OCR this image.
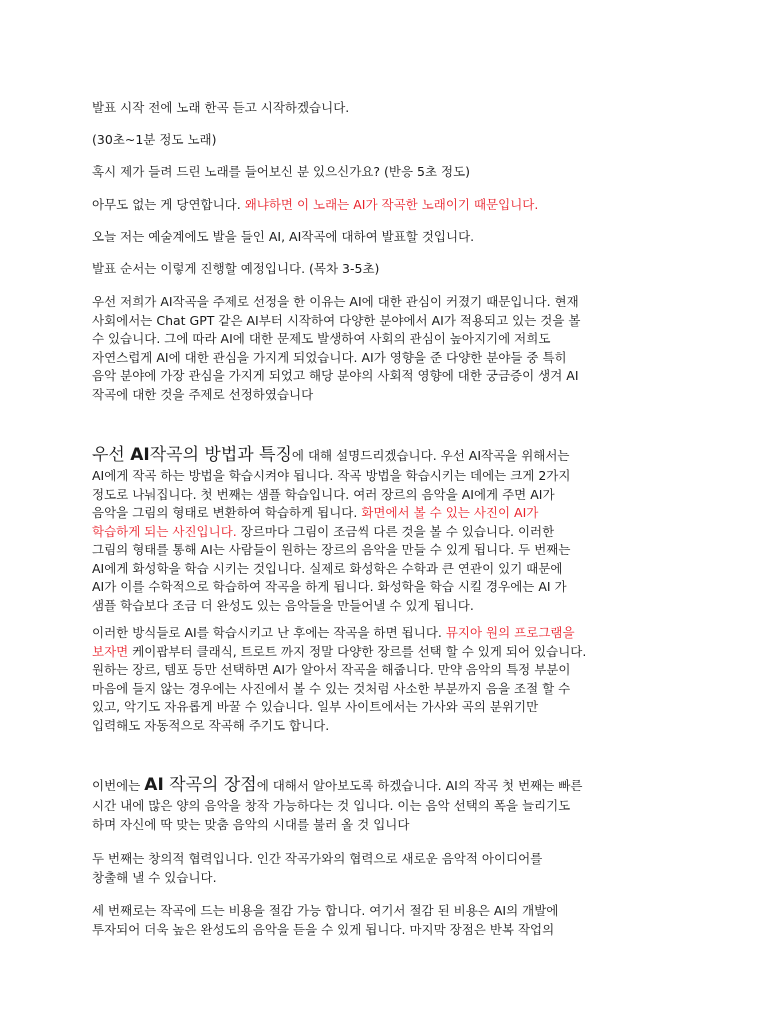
발표 시작 전에 노래 한곡 듣고 시작하겠습니다.

(30초~1분 정도 노래)

혹시 제가 들려 드린 노래를 들어보신 분 있으신가요? (반응 5초 정도)

아무도 없는 게 당연합니다. 왜냐하면 이 노래는 AI가 작곡한 노래이기 때문입니다.

오늘 저는 예술계에도 발을 들인 AI, AI작곡에 대하여 발표할 것입니다.

발표 순서는 이렇게 진행할 예정입니다. (목차 3-5초)

우선 저희가 AI작곡을 주제로 선정을 한 이유는 AI에 대한 관심이 커졌기 때문입니다. 현재
사회에서는 Chat GPT 같은 AI부터 시작하여 다양한 분야에서 AI가 적용되고 있는 것을 볼
수 있습니다. 그에 따라 AI에 대한 문제도 발생하여 사회의 관심이 높아지기에 저희도
자연스럽게 AI에 대한 관심을 가지게 되었습니다. AI가 영향을 준 다양한 분야들 중 특히
음악 분야에 가장 관심을 가지게 되었고 해당 분야의 사회적 영향에 대한 궁금증이 생겨 AI
작곡에 대한 것을 주제로 선정하였습니다

우선 AI작곡의 방법과 특징에 대해 설명드리겠습니다. 우선 AI작곡을 위해서는
AI에게 작곡 하는 방법을 학습시켜야 됩니다. 작곡 방법을 학습시키는 데에는 크게 2가지
정도로 나눠집니다. 첫 번째는 샘플 학습입니다. 여러 장르의 음악을 AI에게 주면 AI가
음악을 그림의 형태로 변환하여 학습하게 됩니다. 화면에서 볼 수 있는 사진이 AI가
학습하게 되는 사진입니다. 장르마다 그림이 조금씩 다른 것을 볼 수 있습니다. 이러한
그림의 형태를 통해 AI는 사람들이 원하는 장르의 음악을 만들 수 있게 됩니다. 두 번째는
AI에게 화성학을 학습 시키는 것입니다. 실제로 화성학은 수학과 큰 연관이 있기 때문에
AI가 이를 수학적으로 학습하여 작곡을 하게 됩니다. 화성학을 학습 시킬 경우에는 AI 가
샘플 학습보다 조금 더 완성도 있는 음악들을 만들어낼 수 있게 됩니다.

이러한 방식들로 AI를 학습시키고 난 후에는 작곡을 하면 됩니다. 뮤지아 원의 프로그램을
보자면 케이팝부터 클래식, 트로트 까지 정말 다양한 장르를 선택 할 수 있게 되어 있습니다.
원하는 장르, 템포 등만 선택하면 AI가 알아서 작곡을 해줍니다. 만약 음악의 특정 부분이
마음에 들지 않는 경우에는 사진에서 볼 수 있는 것처럼 사소한 부분까지 음을 조절 할 수
있고, 악기도 자유롭게 바꿀 수 있습니다. 일부 사이트에서는 가사와 곡의 분위기만
입력해도 자동적으로 작곡해 주기도 합니다.

이번에는 AI 작곡의 장점에 대해서 알아보도록 하겠습니다. AI의 작곡 첫 번째는 빠른
시간 내에 많은 양의 음악을 창작 가능하다는 것 입니다. 이는 음악 선택의 폭을 늘리기도
하며 자신에 딱 맞는 맞춤 음악의 시대를 불러 올 것 입니다

두 번째는 창의적 협력입니다. 인간 작곡가와의 협력으로 새로운 음악적 아이디어를
창출해 낼 수 있습니다.

세 번째로는 작곡에 드는 비용을 절감 가능 합니다. 여기서 절감 된 비용은 AI의 개발에
투자되어 더욱 높은 완성도의 음악을 듣을 수 있게 됩니다. 마지막 장점은 반복 작업의
